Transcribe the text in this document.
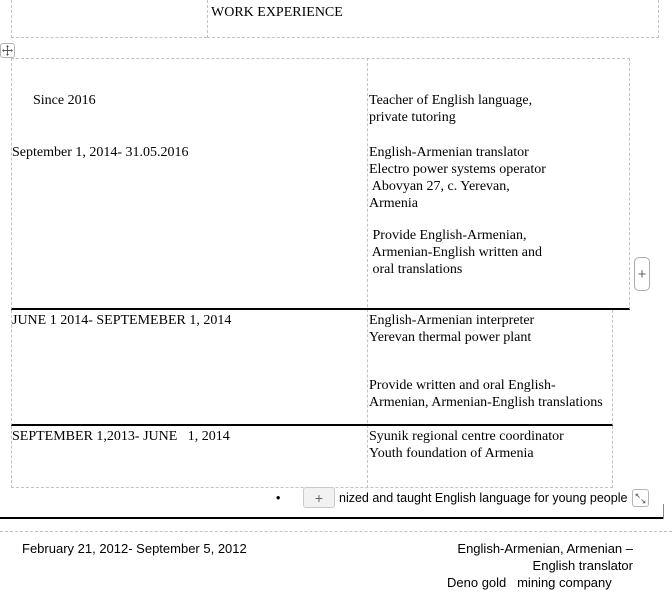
WORK EXPERIENCE
Since 2016	Teacher of English language,
private tutoring
September 1, 2014- 31.05.2016	English-Armenian translator
Electro power systems operator
Abovyan 27, c. Yerevan,
Armenia
Provide English-Armenian,
Armenian-English written and
oral translations	+
JUNE 1 2014- SEPTEMEBER 1, 2014	English-Armenian interpreter
Yerevan thermal power plant
Provide written and oral English-
Armenian, Armenian-English translations
SEPTEMBER 1,2013- JUNE   1, 2014	Syunik regional centre coordinator
Youth foundation of Armenia
• + nized and taught English language for young people
February 21, 2012- September 5, 2012	English-Armenian, Armenian –
English translator
Deno gold   mining company
